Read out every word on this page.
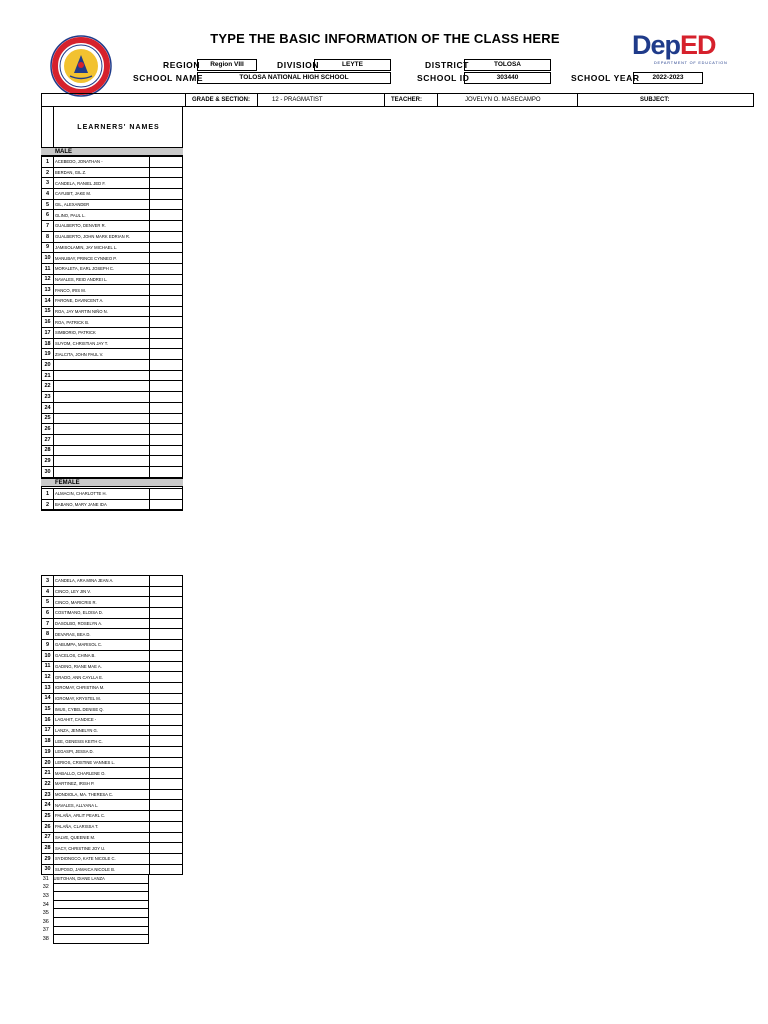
TYPE THE BASIC INFORMATION OF THE CLASS HERE	DepED
DEPARTMENT OF EDUCATION
REGION	Region VIII	DIVISION	LEYTE	DISTRICT	TOLOSA
SCHOOL NAME	TOLOSA NATIONAL HIGH SCHOOL	SCHOOL ID	303440	SCHOOL YEAR	2022-2023
GRADE & SECTION:	12 - PRAGMATIST	TEACHER:	JOVELYN O. MASECAMPO	SUBJECT:
LEARNERS' NAMES
MALE
1	ACEBEDO, JONATHAN -	
2	BERDAN, GIL Z.	
3	CANDELA, RANIEL JED F.	
4	CAYUBIT, JAKE M.	
5	GIL, ALEXANDER	
6	GLINO, PAUL L.	
7	GUALBERTO, DENVER R.	
8	GUALBERTO, JOHN MARK EDRIAN R.	
9	JAMISOLAMIN, JAY MICHAEL L.	
10	MANUBAY, PRINCE CYNNEO P.	
11	MORALETA, EARL JOSEPH C.	
12	NAVALES, REID ANDREI L.	
13	PANCO, IRIS M.	
14	PARONE, DAVINCENT A.	
15	ROA, JAY MARTIN NIÑO N.	
16	ROA, PATRICK B.	
17	SIMBORIO, PATRICK	
18	SUYOM, CHRISTIAN JAY T.	
19	ZIALCITA, JOHN PAUL V.	
20		
21		
22		
23		
24		
25		
26		
27		
28		
29		
30		
FEMALE
1	ALMACIN, CHARLOTTE H.	
2	BABANO, MARY JANE IDA	
3	CANDELA, ARA MINA JEAN A.	
4	CINCO, LEY JIN V.	
5	CINCO, MARICRIS R.	
6	COSTIMANO, ELOISA D.	
7	DASOLBO, ROSELYN A.	
8	DEVARAS, BEA D.	
9	GABUMPA, MARISOL C.	
10	GACELOS, CHINA B.	
11	GADING, RIANE MAE A.	
12	GRADO, ANN CAYLLA E.	
13	IGROMAY, CHRISTINA M.	
14	IGROMAY, KRYSTEL M.	
15	IMUS, CYBEL DENISE Q.	
16	LAGAHIT, CANDICE -	
17	LANZA, JENNELYN G.	
18	LEE, GENESIS KEITH C.	
19	LEGASPI, JESSA D.	
20	LERIOS, CRISTINE VANNES L.	
21	MABALLO, CHARLENE O.	
22	MARTINEZ, IRISH P.	
23	MONDIOLA, MA. THERESA C.	
24	NAVALES, ALLYANA L.	
25	PALAÑA, ARLIT PEARL C.	
26	PALAÑA, CLARISSA T.	
27	SALVE, QUEENIE M.	
28	SACY, CHRISTINE JOY U.	
29	SYDIONGCO, KATE NICOLE C.	
30	SUPOSO, JAMAICA NICOLE B.	
31	USITOHAN, DIANE LANZA
32	
33	
34	
35	
36	
37	
38	
